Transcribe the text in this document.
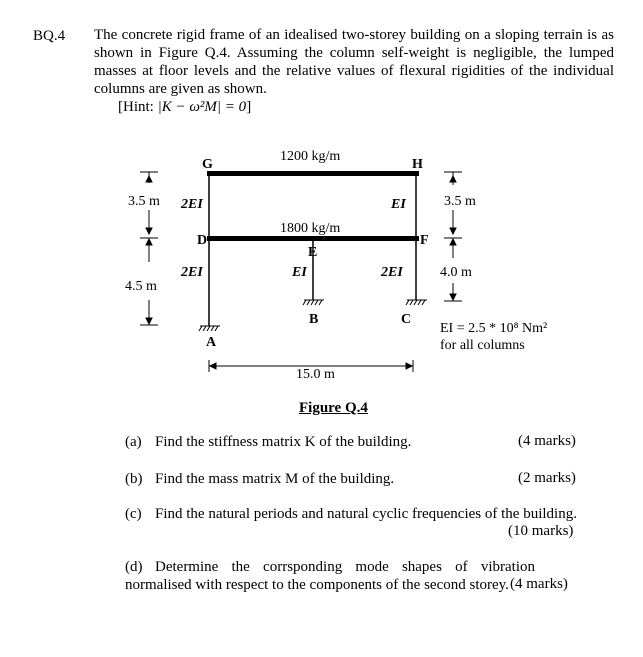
BQ.4 The concrete rigid frame of an idealised two-storey building on a sloping terrain is as shown in Figure Q.4. Assuming the column self-weight is negligible, the lumped masses at floor levels and the relative values of flexural rigidities of the individual columns are given as shown.
[Hint: |K − ω²M| = 0]
G	H
D
E
F
A
B	C
1200 kg/m
1800 kg/m
2EI	EI
2EI	EI	2EI
3.5 m
4.5 m
3.5 m
4.0 m
15.0 m
EI = 2.5 * 10⁸ Nm²
for all columns
Figure Q.4
(a) Find the stiffness matrix K of the building.	(4 marks)
(b) Find the mass matrix M of the building.	(2 marks)
(c) Find the natural periods and natural cyclic frequencies of the building.
(10 marks)
(d) Determine the corrsponding mode shapes of vibration normalised with respect to the components of the second storey. (4 marks)
